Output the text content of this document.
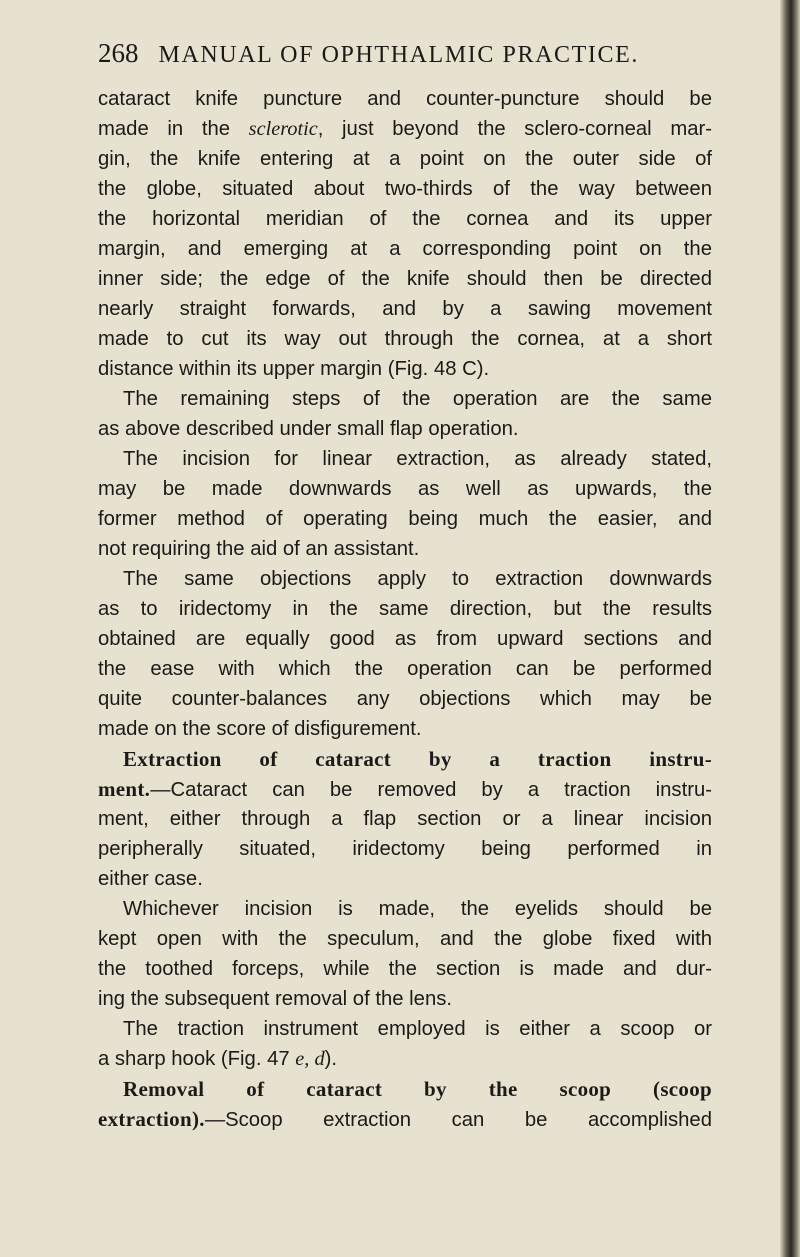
268 MANUAL OF OPHTHALMIC PRACTICE.
cataract knife puncture and counter-puncture should be
made in the sclerotic, just beyond the sclero-corneal mar-
gin, the knife entering at a point on the outer side of
the globe, situated about two-thirds of the way between
the horizontal meridian of the cornea and its upper
margin, and emerging at a corresponding point on the
inner side; the edge of the knife should then be directed
nearly straight forwards, and by a sawing movement
made to cut its way out through the cornea, at a short
distance within its upper margin (Fig. 48 C).
The remaining steps of the operation are the same
as above described under small flap operation.
The incision for linear extraction, as already stated,
may be made downwards as well as upwards, the
former method of operating being much the easier, and
not requiring the aid of an assistant.
The same objections apply to extraction downwards
as to iridectomy in the same direction, but the results
obtained are equally good as from upward sections and
the ease with which the operation can be performed
quite counter-balances any objections which may be
made on the score of disfigurement.
Extraction of cataract by a traction instru-
ment.—Cataract can be removed by a traction instru-
ment, either through a flap section or a linear incision
peripherally situated, iridectomy being performed in
either case.
Whichever incision is made, the eyelids should be
kept open with the speculum, and the globe fixed with
the toothed forceps, while the section is made and dur-
ing the subsequent removal of the lens.
The traction instrument employed is either a scoop or
a sharp hook (Fig. 47 e, d).
Removal of cataract by the scoop (scoop
extraction).—Scoop extraction can be accomplished
